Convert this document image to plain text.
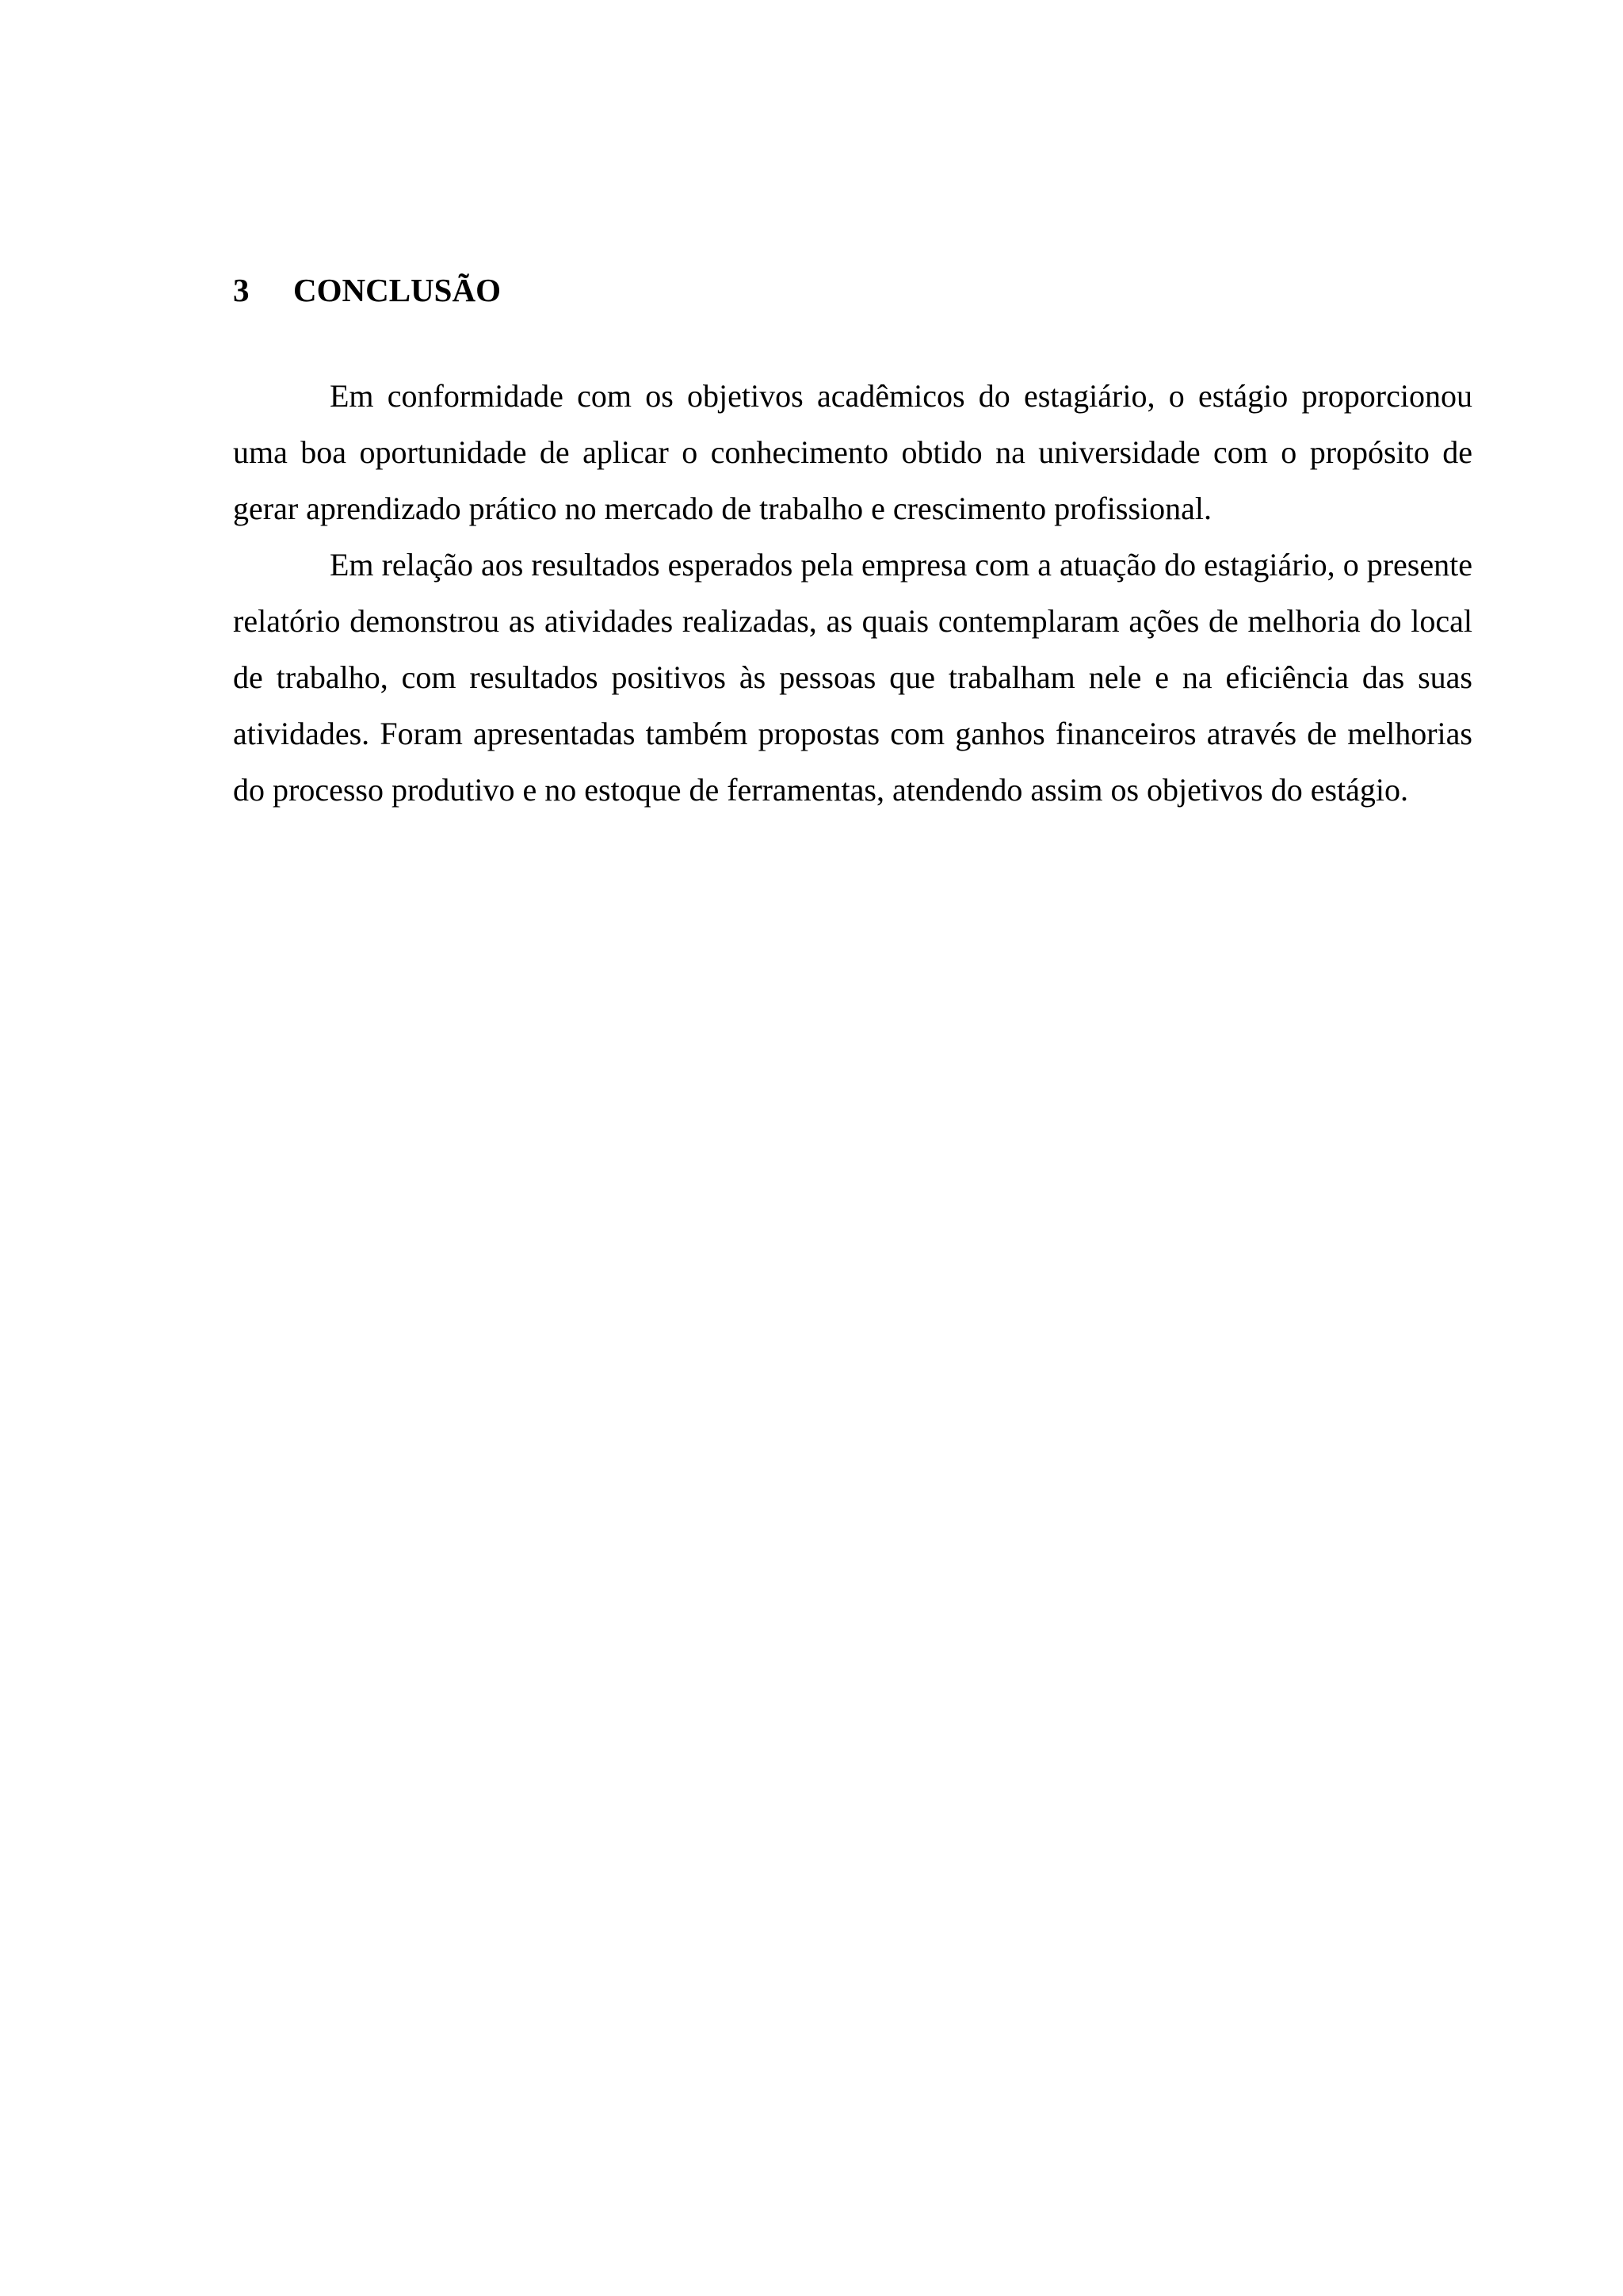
3	CONCLUSÃO

Em conformidade com os objetivos acadêmicos do estagiário, o estágio proporcionou uma boa oportunidade de aplicar o conhecimento obtido na universidade com o propósito de gerar aprendizado prático no mercado de trabalho e crescimento profissional.

Em relação aos resultados esperados pela empresa com a atuação do estagiário, o presente relatório demonstrou as atividades realizadas, as quais contemplaram ações de melhoria do local de trabalho, com resultados positivos às pessoas que trabalham nele e na eficiência das suas atividades. Foram apresentadas também propostas com ganhos financeiros através de melhorias do processo produtivo e no estoque de ferramentas, atendendo assim os objetivos do estágio.
